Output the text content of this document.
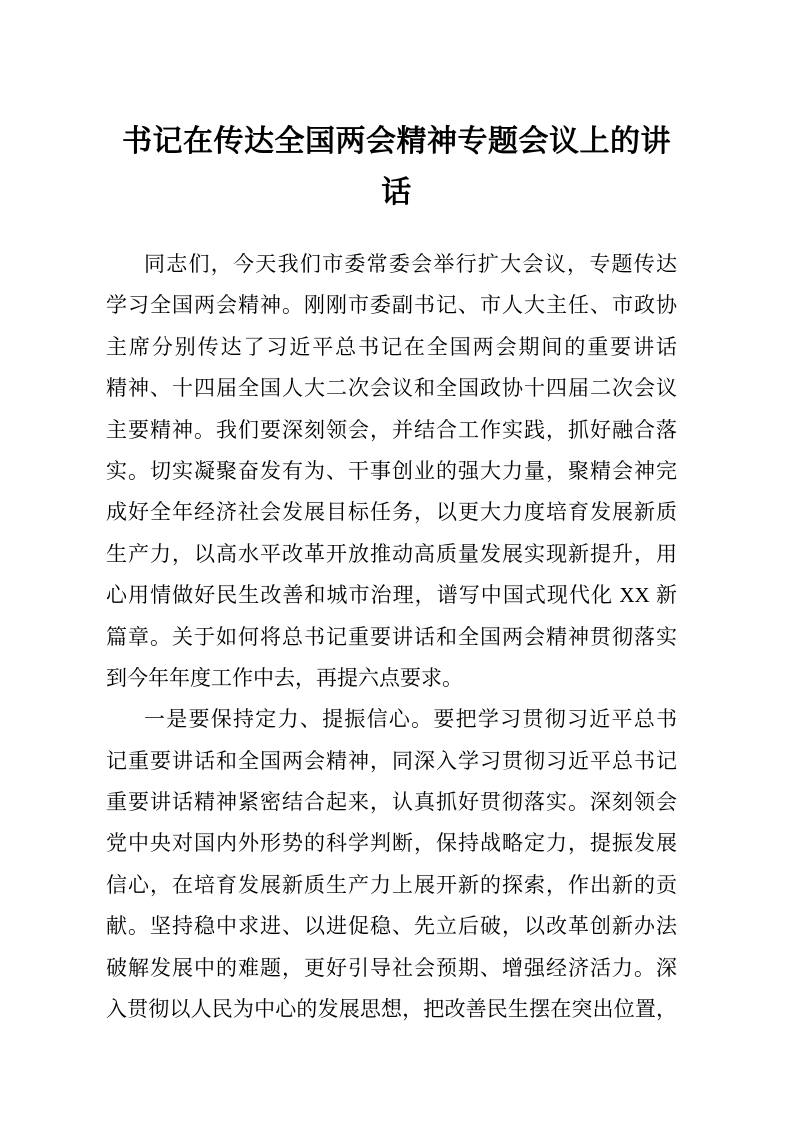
书记在传达全国两会精神专题会议上的讲
话
同志们，今天我们市委常委会举行扩大会议，专题传达
学习全国两会精神。刚刚市委副书记、市人大主任、市政协
主席分别传达了习近平总书记在全国两会期间的重要讲话
精神、十四届全国人大二次会议和全国政协十四届二次会议
主要精神。我们要深刻领会，并结合工作实践，抓好融合落
实。切实凝聚奋发有为、干事创业的强大力量，聚精会神完
成好全年经济社会发展目标任务，以更大力度培育发展新质
生产力，以高水平改革开放推动高质量发展实现新提升，用
心用情做好民生改善和城市治理，谱写中国式现代化 XX 新
篇章。关于如何将总书记重要讲话和全国两会精神贯彻落实
到今年年度工作中去，再提六点要求。
一是要保持定力、提振信心。要把学习贯彻习近平总书
记重要讲话和全国两会精神，同深入学习贯彻习近平总书记
重要讲话精神紧密结合起来，认真抓好贯彻落实。深刻领会
党中央对国内外形势的科学判断，保持战略定力，提振发展
信心，在培育发展新质生产力上展开新的探索，作出新的贡
献。坚持稳中求进、以进促稳、先立后破，以改革创新办法
破解发展中的难题，更好引导社会预期、增强经济活力。深
入贯彻以人民为中心的发展思想，把改善民生摆在突出位置，
